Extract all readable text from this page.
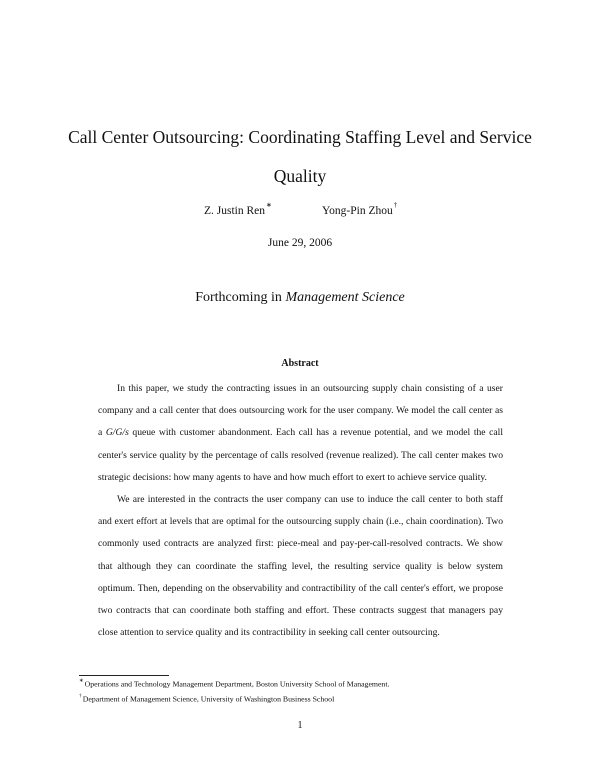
Call Center Outsourcing: Coordinating Staffing Level and Service Quality
Z. Justin Ren∗	Yong-Pin Zhou†
June 29, 2006
Forthcoming in Management Science
Abstract

In this paper, we study the contracting issues in an outsourcing supply chain consisting of a user company and a call center that does outsourcing work for the user company. We model the call center as a G/G/s queue with customer abandonment. Each call has a revenue potential, and we model the call center's service quality by the percentage of calls resolved (revenue realized). The call center makes two strategic decisions: how many agents to have and how much effort to exert to achieve service quality.

We are interested in the contracts the user company can use to induce the call center to both staff and exert effort at levels that are optimal for the outsourcing supply chain (i.e., chain coordination). Two commonly used contracts are analyzed first: piece-meal and pay-per-call-resolved contracts. We show that although they can coordinate the staffing level, the resulting service quality is below system optimum. Then, depending on the observability and contractibility of the call center's effort, we propose two contracts that can coordinate both staffing and effort. These contracts suggest that managers pay close attention to service quality and its contractibility in seeking call center outsourcing.

∗Operations and Technology Management Department, Boston University School of Management.
†Department of Management Science, University of Washington Business School
1
